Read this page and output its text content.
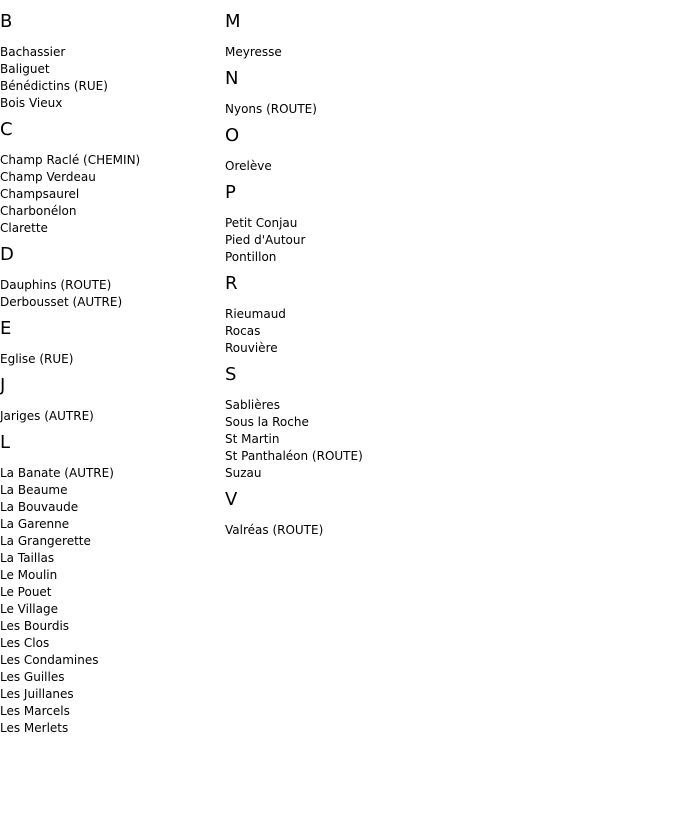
B
Bachassier
Baliguet
Bénédictins (RUE)
Bois Vieux
C
Champ Raclé (CHEMIN)
Champ Verdeau
Champsaurel
Charbonélon
Clarette
D
Dauphins (ROUTE)
Derbousset (AUTRE)
E
Eglise (RUE)
J
Jariges (AUTRE)
L
La Banate (AUTRE)
La Beaume
La Bouvaude
La Garenne
La Grangerette
La Taillas
Le Moulin
Le Pouet
Le Village
Les Bourdis
Les Clos
Les Condamines
Les Guilles
Les Juillanes
Les Marcels
Les Merlets
M
Meyresse
N
Nyons (ROUTE)
O
Orelève
P
Petit Conjau
Pied d'Autour
Pontillon
R
Rieumaud
Rocas
Rouvière
S
Sablières
Sous la Roche
St Martin
St Panthaléon (ROUTE)
Suzau
V
Valréas (ROUTE)
